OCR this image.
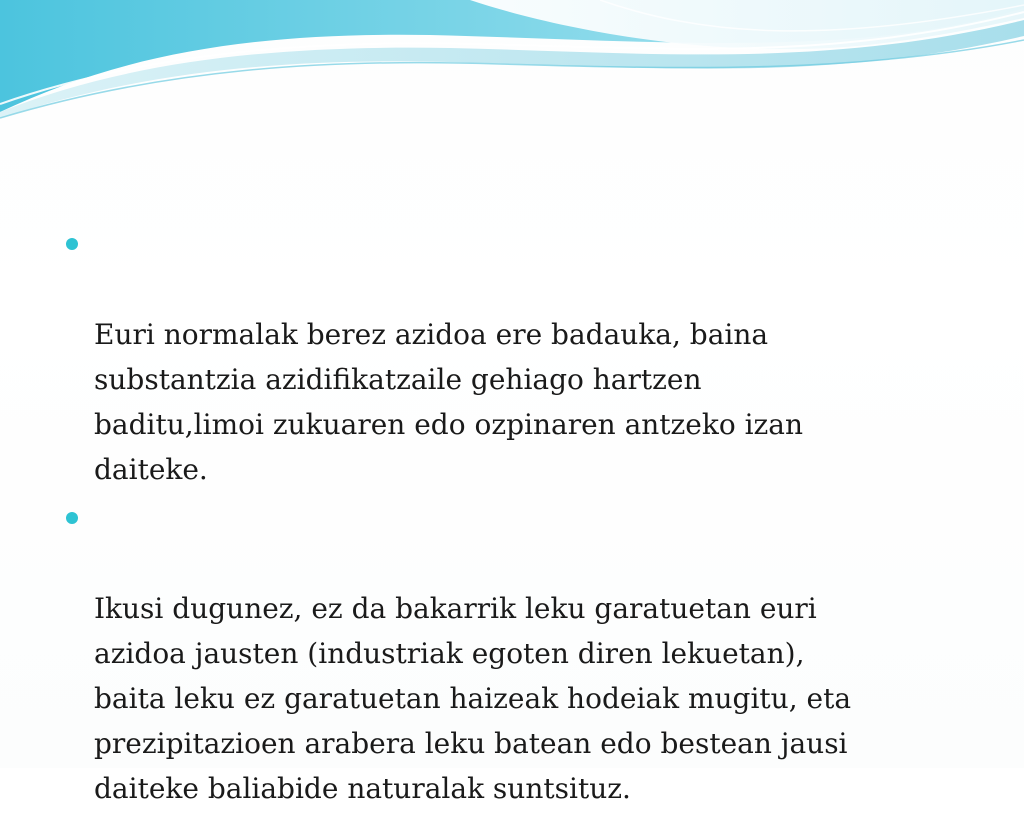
Euri normalak berez azidoa ere badauka, baina
substantzia azidifikatzaile gehiago hartzen
baditu,limoi zukuaren edo ozpinaren antzeko izan
daiteke.

Ikusi dugunez, ez da bakarrik leku garatuetan euri
azidoa jausten (industriak egoten diren lekuetan),
baita leku ez garatuetan haizeak hodeiak mugitu, eta
prezipitazioen arabera leku batean edo bestean jausi
daiteke baliabide naturalak suntsituz.
